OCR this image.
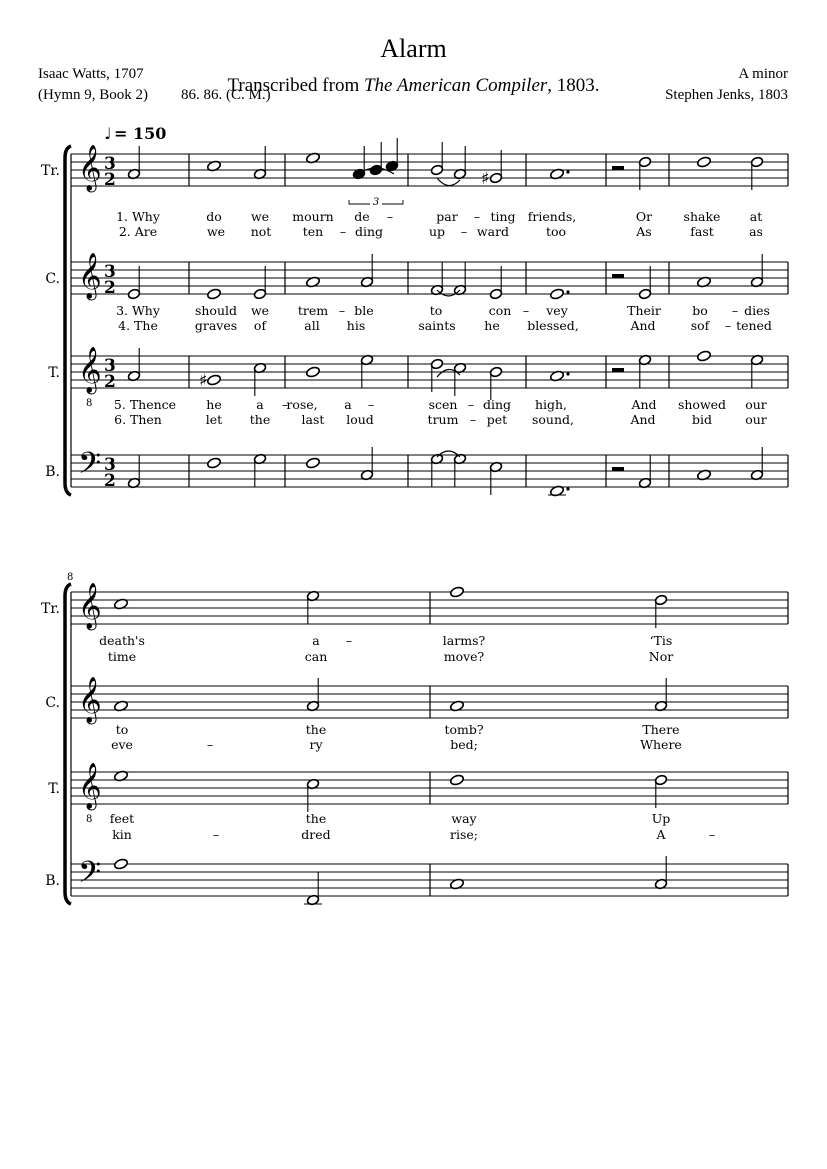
Alarm
Isaac Watts, 1707
(Hymn 9, Book 2) 86. 86. (C. M.)
Transcribed from The American Compiler, 1803.
A minor
Stephen Jenks, 1803
Tr. 𝄞 3
2
C. 𝄞 3
2
T. 𝄞
8
3
2
B. 𝄢 3
2
♩ = 150
3
♯
♯
1. Why	do we mourn de –	par – ting friends,	Or	shake at
2. Are	we not	ten – ding	up – ward	too	As	fast	as
3. Why	should we trem – ble	to	con – vey	Their	bo – dies
4. The	graves of	all his	saints he blessed,	And	sof – tened
5. Thence he	a –
rose, a –	scen – ding high,	And showed our
6. Then	let the	last loud	trum – pet sound,	And	bid	our
8
Tr. 𝄞
C. 𝄞
T. 𝄞
8
B. 𝄢
death's	a –	larms?	‘Tis
time	can	move?	Nor
to	the	tomb?	There
eve	–	ry	bed;	Where
feet	the	way	Up
kin	–	dred	rise;	A	–
